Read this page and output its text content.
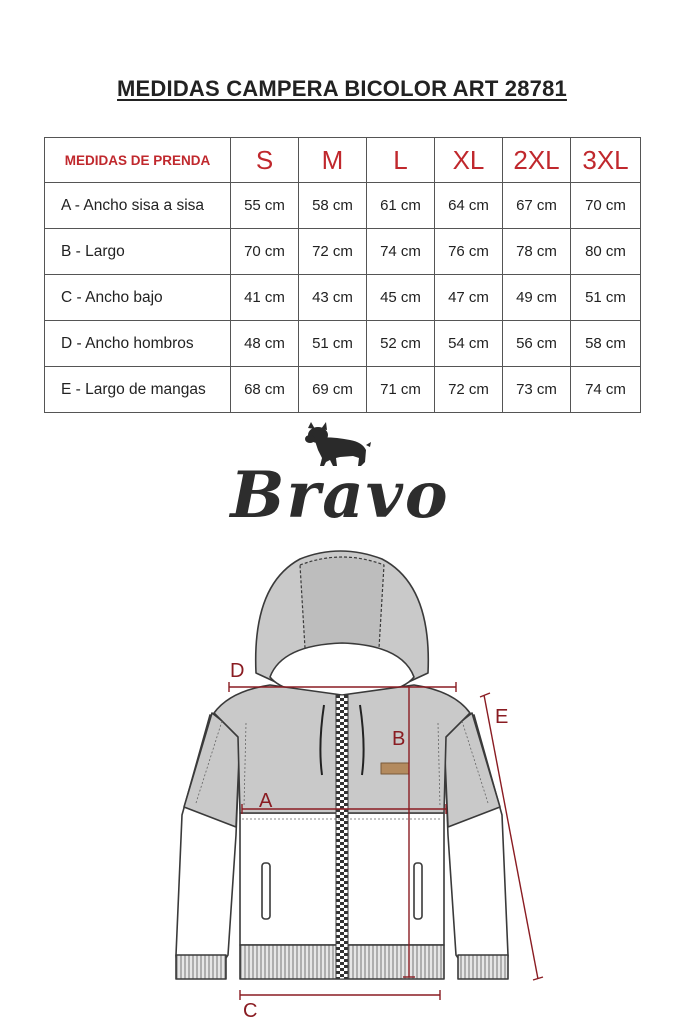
MEDIDAS CAMPERA BICOLOR ART 28781
MEDIDAS DE PRENDA	S	M	L	XL	2XL	3XL
A - Ancho sisa a sisa	55 cm	58 cm	61 cm	64 cm	67 cm	70 cm
B - Largo	70 cm	72 cm	74 cm	76 cm	78 cm	80 cm
C - Ancho bajo	41 cm	43 cm	45 cm	47 cm	49 cm	51 cm
D - Ancho hombros	48 cm	51 cm	52 cm	54 cm	56 cm	58 cm
E - Largo de mangas	68 cm	69 cm	71 cm	72 cm	73 cm	74 cm
Bravo
D
B
A
E
C
